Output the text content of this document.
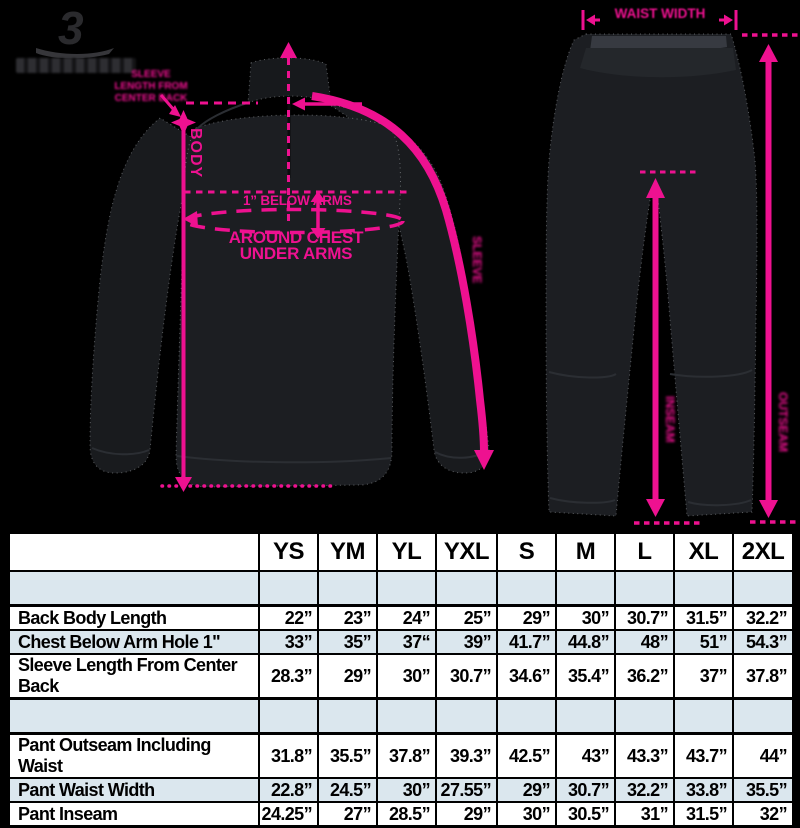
3
SLEEVE
LENGTH FROM
CENTER BACK
BODY
1” BELOW ARMS
AROUND CHEST
UNDER ARMS	SLEEVE
WAIST WIDTH
INSEAM	OUTSEAM
	YS	YM	YL	YXL	S	M	L	XL	2XL

Back Body Length	22”	23”	24”	25”	29”	30”	30.7”	31.5”	32.2”
Chest Below Arm Hole 1"	33”	35”	37“	39”	41.7”	44.8”	48”	51”	54.3”
Sleeve Length From Center Back	28.3”	29”	30”	30.7”	34.6”	35.4”	36.2”	37”	37.8”

Pant Outseam Including Waist	31.8”	35.5”	37.8”	39.3”	42.5”	43”	43.3”	43.7”	44”
Pant Waist Width	22.8”	24.5”	30”	27.55”	29”	30.7”	32.2”	33.8”	35.5”
Pant Inseam	24.25”	27”	28.5”	29”	30”	30.5”	31”	31.5”	32”
